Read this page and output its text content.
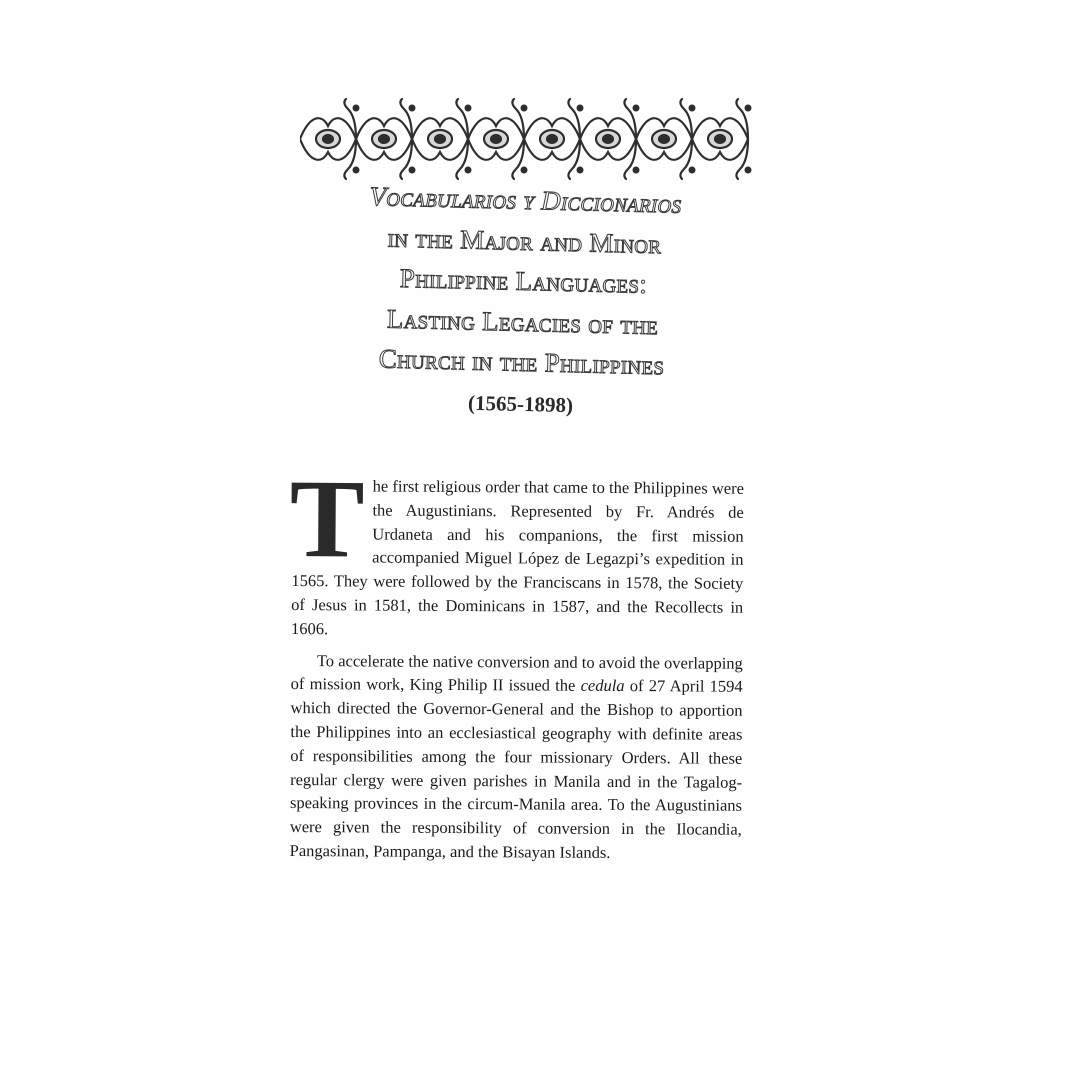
Vocabularios y Diccionarios
in the Major and Minor
Philippine Languages:
Lasting Legacies of the
Church in the Philippines
(1565-1898)

The first religious order that came to the Philippines were the Augustinians. Represented by Fr. Andrés de Urdaneta and his companions, the first mission accompanied Miguel López de Legazpi’s expedition in 1565. They were followed by the Franciscans in 1578, the Society of Jesus in 1581, the Dominicans in 1587, and the Recollects in 1606.

To accelerate the native conversion and to avoid the overlapping of mission work, King Philip II issued the cedula of 27 April 1594 which directed the Governor-General and the Bishop to apportion the Philippines into an ecclesiastical geography with definite areas of responsibilities among the four missionary Orders. All these regular clergy were given parishes in Manila and in the Tagalog-speaking provinces in the circum-Manila area. To the Augustinians were given the responsibility of conversion in the Ilocandia, Pangasinan, Pampanga, and the Bisayan Islands.
